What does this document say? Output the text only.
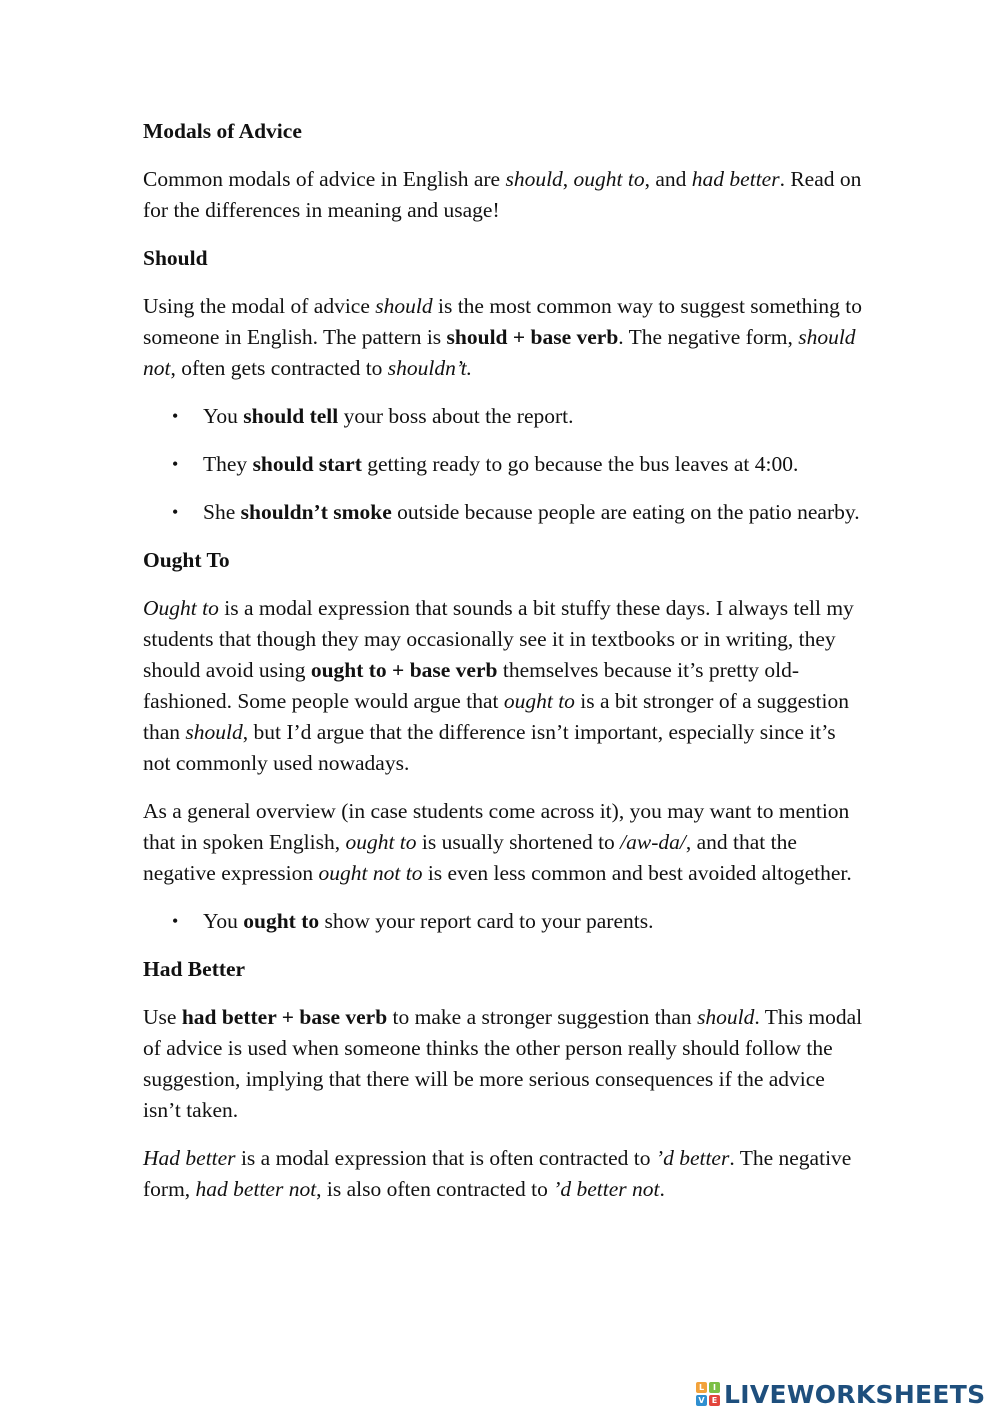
Modals of Advice

Common modals of advice in English are should, ought to, and had better. Read on for the differences in meaning and usage!

Should

Using the modal of advice should is the most common way to suggest something to someone in English. The pattern is should + base verb. The negative form, should not, often gets contracted to shouldn’t.

• You should tell your boss about the report.
• They should start getting ready to go because the bus leaves at 4:00.
• She shouldn’t smoke outside because people are eating on the patio nearby.
Ought To

Ought to is a modal expression that sounds a bit stuffy these days. I always tell my students that though they may occasionally see it in textbooks or in writing, they should avoid using ought to + base verb themselves because it’s pretty old-fashioned. Some people would argue that ought to is a bit stronger of a suggestion than should, but I’d argue that the difference isn’t important, especially since it’s not commonly used nowadays.

As a general overview (in case students come across it), you may want to mention that in spoken English, ought to is usually shortened to /aw-da/, and that the negative expression ought not to is even less common and best avoided altogether.

• You ought to show your report card to your parents.
Had Better

Use had better + base verb to make a stronger suggestion than should. This modal of advice is used when someone thinks the other person really should follow the suggestion, implying that there will be more serious consequences if the advice isn’t taken.

Had better is a modal expression that is often contracted to ’d better. The negative form, had better not, is also often contracted to ’d better not.

L	I
V E LIVEWORKSHEETS
